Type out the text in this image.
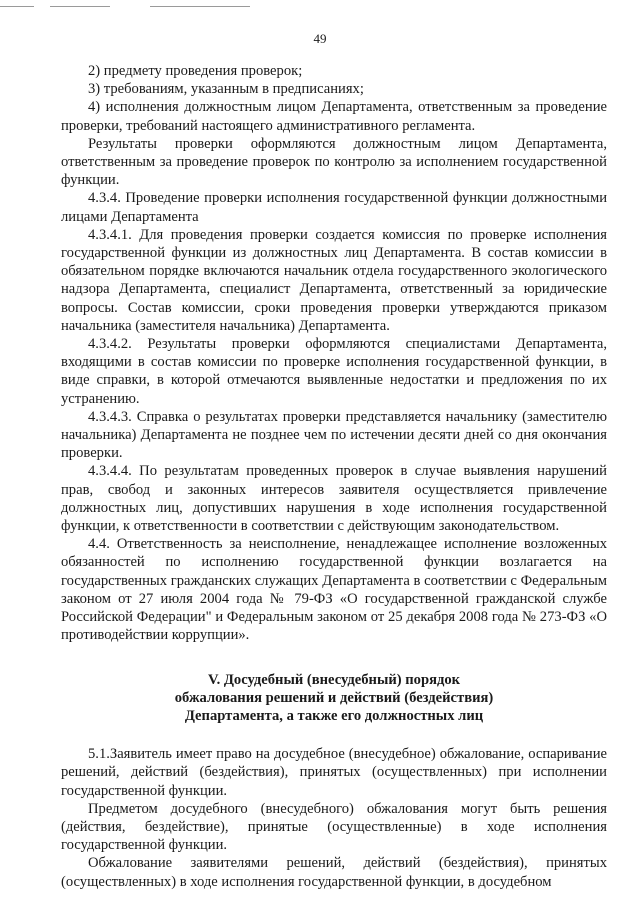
49

2) предмету проведения проверок;

3) требованиям, указанным в предписаниях;

4) исполнения должностным лицом Департамента, ответственным за проведение проверки, требований настоящего административного регламента.

Результаты проверки оформляются должностным лицом Департамента, ответственным за проведение проверок по контролю за исполнением государственной функции.

4.3.4. Проведение проверки исполнения государственной функции должностными лицами Департамента

4.3.4.1. Для проведения проверки создается комиссия по проверке исполнения государственной функции из должностных лиц Департамента. В состав комиссии в обязательном порядке включаются начальник отдела государственного экологического надзора Департамента, специалист Департамента, ответственный за юридические вопросы. Состав комиссии, сроки проведения проверки утверждаются приказом начальника (заместителя начальника) Департамента.

4.3.4.2. Результаты проверки оформляются специалистами Департамента, входящими в состав комиссии по проверке исполнения государственной функции, в виде справки, в которой отмечаются выявленные недостатки и предложения по их устранению.

4.3.4.3. Справка о результатах проверки представляется начальнику (заместителю начальника) Департамента не позднее чем по истечении десяти дней со дня окончания проверки.

4.3.4.4. По результатам проведенных проверок в случае выявления нарушений прав, свобод и законных интересов заявителя осуществляется привлечение должностных лиц, допустивших нарушения в ходе исполнения государственной функции, к ответственности в соответствии с действующим законодательством.

4.4. Ответственность за неисполнение, ненадлежащее исполнение возложенных обязанностей по исполнению государственной функции возлагается на государственных гражданских служащих Департамента в соответствии с Федеральным законом от 27 июля 2004 года № 79-ФЗ «О государственной гражданской службе Российской Федерации" и Федеральным законом от 25 декабря 2008 года № 273-ФЗ «О противодействии коррупции».

V. Досудебный (внесудебный) порядок
обжалования решений и действий (бездействия)
Департамента, а также его должностных лиц

5.1.Заявитель имеет право на досудебное (внесудебное) обжалование, оспаривание решений, действий (бездействия), принятых (осуществленных) при исполнении государственной функции.

Предметом досудебного (внесудебного) обжалования могут быть решения (действия, бездействие), принятые (осуществленные) в ходе исполнения государственной функции.

Обжалование заявителями решений, действий (бездействия), принятых (осуществленных) в ходе исполнения государственной функции, в досудебном
